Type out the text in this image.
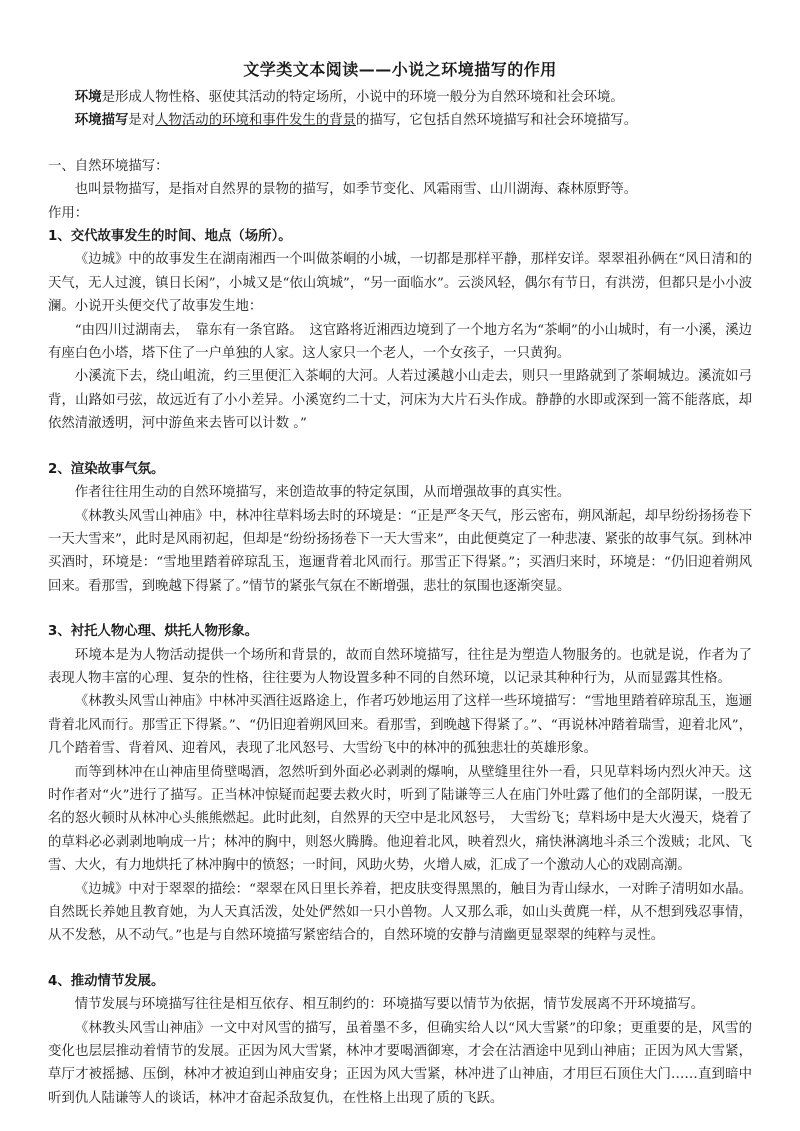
文学类文本阅读——小说之环境描写的作用

环境是形成人物性格、驱使其活动的特定场所，小说中的环境一般分为自然环境和社会环境。

环境描写是对人物活动的环境和事件发生的背景的描写，它包括自然环境描写和社会环境描写。

一、自然环境描写：

也叫景物描写，是指对自然界的景物的描写，如季节变化、风霜雨雪、山川湖海、森林原野等。

作用：

1、交代故事发生的时间、地点（场所）。

《边城》中的故事发生在湖南湘西一个叫做茶峒的小城，一切都是那样平静，那样安详。翠翠祖孙俩在“风日清和的天气，无人过渡，镇日长闲”，小城又是“依山筑城”，“另一面临水”。云淡风轻，偶尔有节日，有洪涝，但都只是小小波澜。小说开头便交代了故事发生地：

“由四川过湖南去，　靠东有一条官路。　这官路将近湘西边境到了一个地方名为“茶峒”的小山城时，有一小溪，溪边有座白色小塔，塔下住了一户单独的人家。这人家只一个老人，一个女孩子，一只黄狗。

小溪流下去，绕山岨流，约三里便汇入茶峒的大河。人若过溪越小山走去，则只一里路就到了茶峒城边。溪流如弓背，山路如弓弦，故远近有了小小差异。小溪宽约二十丈，河床为大片石头作成。静静的水即或深到一篙不能落底，却依然清澈透明，河中游鱼来去皆可以计数 。”

2、渲染故事气氛。

作者往往用生动的自然环境描写，来创造故事的特定氛围，从而增强故事的真实性。

《林教头风雪山神庙》中，林冲往草料场去时的环境是：“正是严冬天气，彤云密布，朔风渐起，却早纷纷扬扬卷下一天大雪来”，此时是风雨初起，但却是“纷纷扬扬卷下一天大雪来”，由此便奠定了一种悲凄、紧张的故事气氛。到林冲买酒时，环境是：“雪地里踏着碎琼乱玉，迤逦背着北风而行。那雪正下得紧。”；买酒归来时，环境是：“仍旧迎着朔风回来。看那雪，到晚越下得紧了。”情节的紧张气氛在不断增强，悲壮的氛围也逐渐突显。

3、衬托人物心理、烘托人物形象。

环境本是为人物活动提供一个场所和背景的，故而自然环境描写，往往是为塑造人物服务的。也就是说，作者为了表现人物丰富的心理、复杂的性格，往往要为人物设置多种不同的自然环境，以记录其种种行为，从而显露其性格。

《林教头风雪山神庙》中林冲买酒往返路途上，作者巧妙地运用了这样一些环境描写：“雪地里踏着碎琼乱玉，迤逦背着北风而行。那雪正下得紧。”、“仍旧迎着朔风回来。看那雪，到晚越下得紧了。”、“再说林冲踏着瑞雪，迎着北风”，几个踏着雪、背着风、迎着风，表现了北风怒号、大雪纷飞中的林冲的孤独悲壮的英雄形象。

而等到林冲在山神庙里倚壁喝酒，忽然听到外面必必剥剥的爆响，从壁缝里往外一看，只见草料场内烈火冲天。这时作者对“火”进行了描写。正当林冲惊疑而起要去救火时，听到了陆谦等三人在庙门外吐露了他们的全部阴谋，一股无名的怒火顿时从林冲心头熊熊燃起。此时此刻，自然界的天空中是北风怒号，　大雪纷飞；草料场中是大火漫天，烧着了的草料必必剥剥地响成一片；林冲的胸中，则怒火腾腾。他迎着北风，映着烈火，痛快淋漓地斗杀三个泼贼；北风、飞雪、大火，有力地烘托了林冲胸中的愤怒；一时间，风助火势，火增人威，汇成了一个激动人心的戏剧高潮。

《边城》中对于翠翠的描绘：“翠翠在风日里长养着，把皮肤变得黑黑的，触目为青山绿水，一对眸子清明如水晶。自然既长养她且教育她，为人天真活泼，处处俨然如一只小兽物。人又那么乖，如山头黄麂一样，从不想到残忍事情，从不发愁，从不动气。”也是与自然环境描写紧密结合的，自然环境的安静与清幽更显翠翠的纯粹与灵性。

4、推动情节发展。

情节发展与环境描写往往是相互依存、相互制约的：环境描写要以情节为依据，情节发展离不开环境描写。

《林教头风雪山神庙》一文中对风雪的描写，虽着墨不多，但确实给人以“风大雪紧”的印象；更重要的是，风雪的变化也层层推动着情节的发展。正因为风大雪紧，林冲才要喝酒御寒，才会在沽酒途中见到山神庙；正因为风大雪紧，草厅才被摇撼、压倒，林冲才被迫到山神庙安身；正因为风大雪紧，林冲进了山神庙，才用巨石顶住大门……直到暗中听到仇人陆谦等人的谈话，林冲才奋起杀敌复仇，在性格上出现了质的飞跃。
